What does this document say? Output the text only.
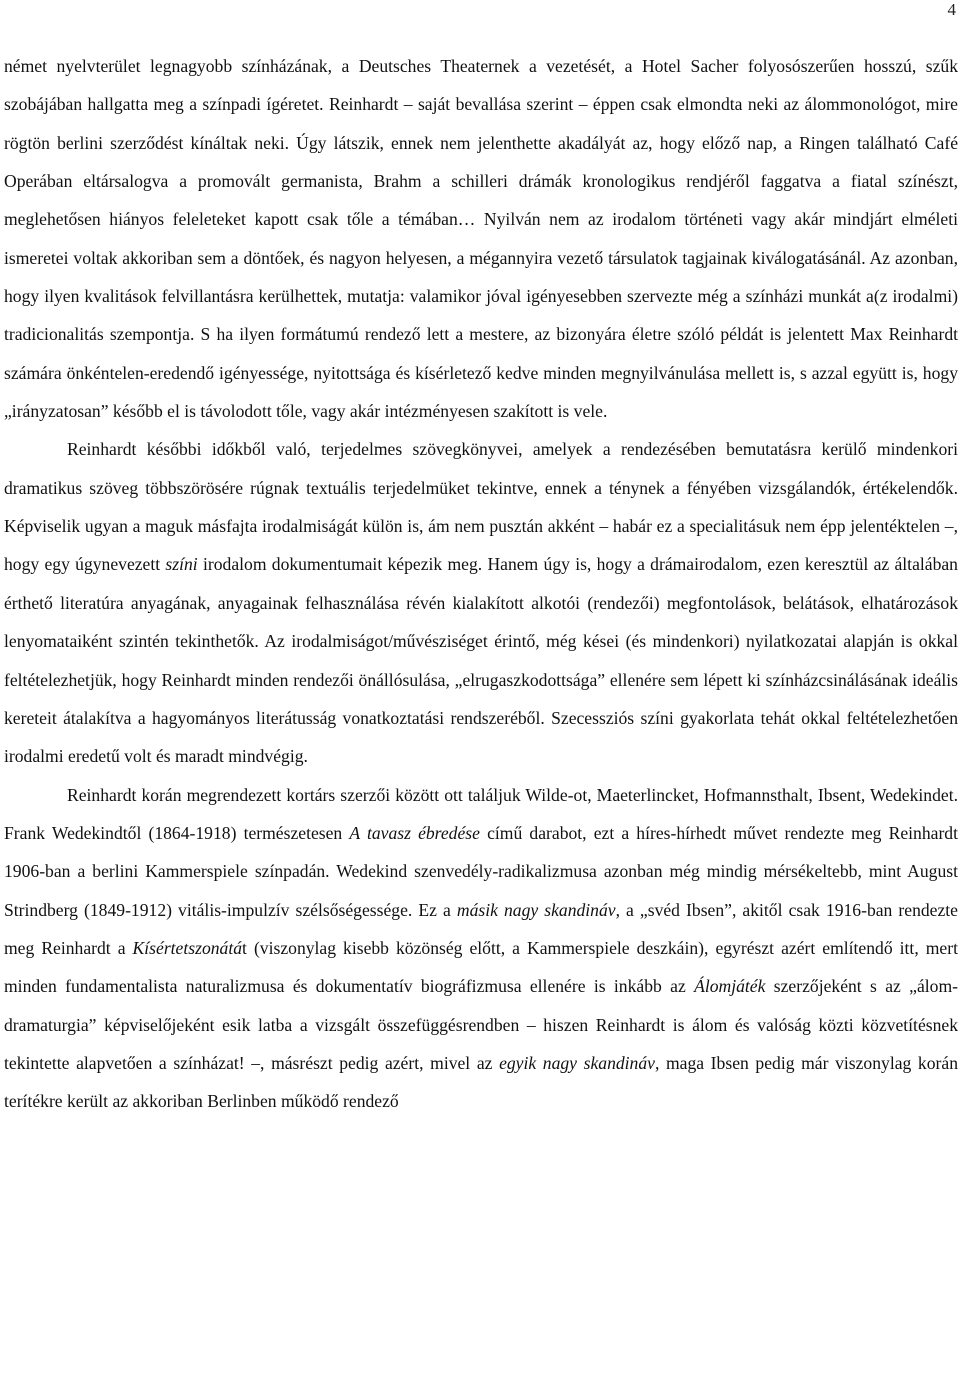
4

német nyelvterület legnagyobb színházának, a Deutsches Theaternek a vezetését, a Hotel Sacher folyosószerűen hosszú, szűk szobájában hallgatta meg a színpadi ígéretet. Reinhardt – saját bevallása szerint – éppen csak elmondta neki az álommonológot, mire rögtön berlini szerződést kínáltak neki. Úgy látszik, ennek nem jelenthette akadályát az, hogy előző nap, a Ringen található Café Operában eltársalogva a promovált germanista, Brahm a schilleri drámák kronologikus rendjéről faggatva a fiatal színészt, meglehetősen hiányos feleleteket kapott csak tőle a témában… Nyilván nem az irodalom történeti vagy akár mindjárt elméleti ismeretei voltak akkoriban sem a döntőek, és nagyon helyesen, a mégannyira vezető társulatok tagjainak kiválogatásánál. Az azonban, hogy ilyen kvalitások felvillantásra kerülhettek, mutatja: valamikor jóval igényesebben szervezte még a színházi munkát a(z irodalmi) tradicionalitás szempontja. S ha ilyen formátumú rendező lett a mestere, az bizonyára életre szóló példát is jelentett Max Reinhardt számára önkéntelen-eredendő igényessége, nyitottsága és kísérletező kedve minden megnyilvánulása mellett is, s azzal együtt is, hogy „irányzatosan” később el is távolodott tőle, vagy akár intézményesen szakított is vele.

Reinhardt későbbi időkből való, terjedelmes szövegkönyvei, amelyek a rendezésében bemutatásra kerülő mindenkori dramatikus szöveg többszörösére rúgnak textuális terjedelmüket tekintve, ennek a ténynek a fényében vizsgálandók, értékelendők. Képviselik ugyan a maguk másfajta irodalmiságát külön is, ám nem pusztán akként – habár ez a specialitásuk nem épp jelentéktelen –, hogy egy úgynevezett színi irodalom dokumentumait képezik meg. Hanem úgy is, hogy a drámairodalom, ezen keresztül az általában érthető literatúra anyagának, anyagainak felhasználása révén kialakított alkotói (rendezői) megfontolások, belátások, elhatározások lenyomataiként szintén tekinthetők. Az irodalmiságot/művésziséget érintő, még kései (és mindenkori) nyilatkozatai alapján is okkal feltételezhetjük, hogy Reinhardt minden rendezői önállósulása, „elrugaszkodottsága” ellenére sem lépett ki színházcsinálásának ideális kereteit átalakítva a hagyományos literátusság vonatkoztatási rendszeréből. Szecessziós színi gyakorlata tehát okkal feltételezhetően irodalmi eredetű volt és maradt mindvégig.

Reinhardt korán megrendezett kortárs szerzői között ott találjuk Wilde-ot, Maeterlincket, Hofmannsthalt, Ibsent, Wedekindet. Frank Wedekindtől (1864-1918) természetesen A tavasz ébredése című darabot, ezt a híres-hírhedt művet rendezte meg Reinhardt 1906-ban a berlini Kammerspiele színpadán. Wedekind szenvedély-radikalizmusa azonban még mindig mérsékeltebb, mint August Strindberg (1849-1912) vitális-impulzív szélsőségessége. Ez a másik nagy skandináv, a „svéd Ibsen”, akitől csak 1916-ban rendezte meg Reinhardt a Kísértetszonátát (viszonylag kisebb közönség előtt, a Kammerspiele deszkáin), egyrészt azért említendő itt, mert minden fundamentalista naturalizmusa és dokumentatív biográfizmusa ellenére is inkább az Álomjáték szerzőjeként s az „álom-dramaturgia” képviselőjeként esik latba a vizsgált összefüggésrendben – hiszen Reinhardt is álom és valóság közti közvetítésnek tekintette alapvetően a színházat! –, másrészt pedig azért, mivel az egyik nagy skandináv, maga Ibsen pedig már viszonylag korán terítékre került az akkoriban Berlinben működő rendező
